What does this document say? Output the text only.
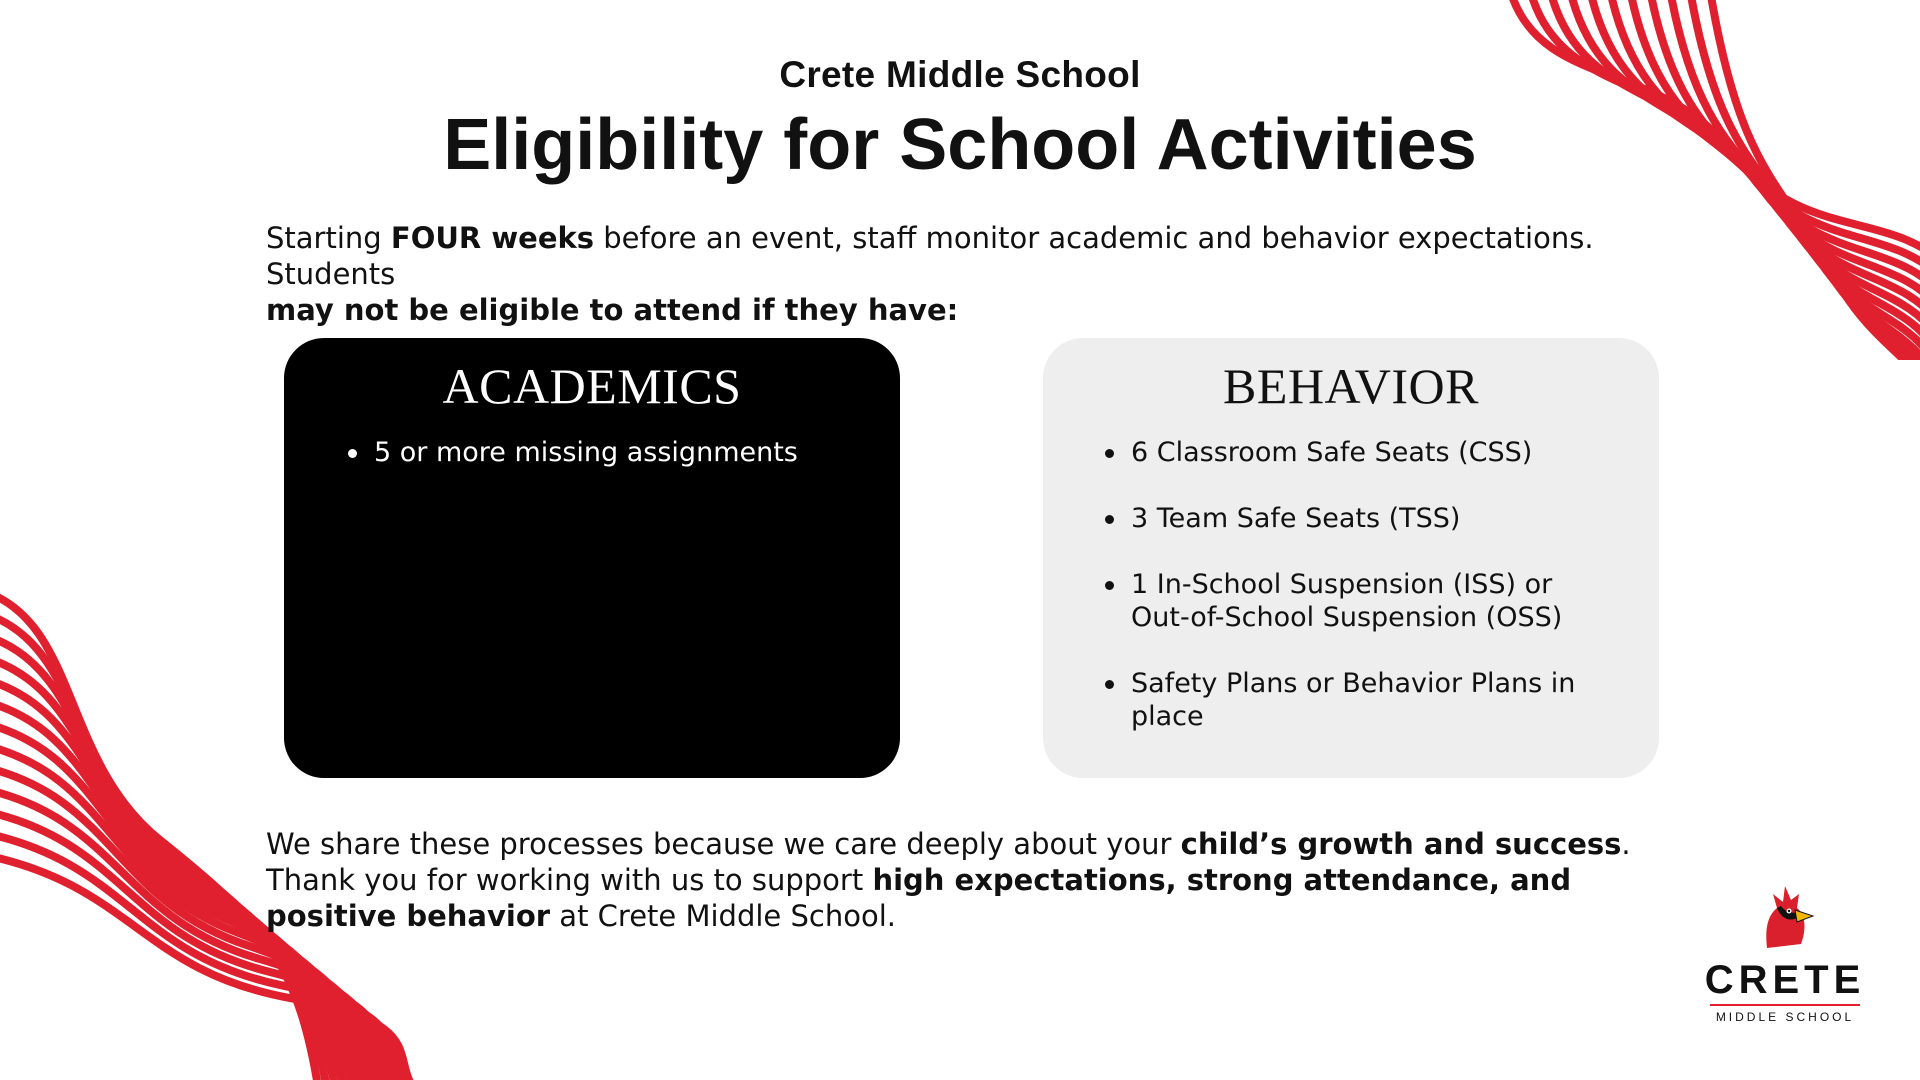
Crete Middle School
Eligibility for School Activities
Starting FOUR weeks before an event, staff monitor academic and behavior expectations. Students
may not be eligible to attend if they have:
ACADEMICS
5 or more missing assignments
BEHAVIOR
6 Classroom Safe Seats (CSS)
3 Team Safe Seats (TSS)
1 In-School Suspension (ISS) or Out-of-School Suspension (OSS)
Safety Plans or Behavior Plans in place
We share these processes because we care deeply about your child’s growth and success. Thank you for working with us to support high expectations, strong attendance, and positive behavior at Crete Middle School.
CRETE
MIDDLE SCHOOL
